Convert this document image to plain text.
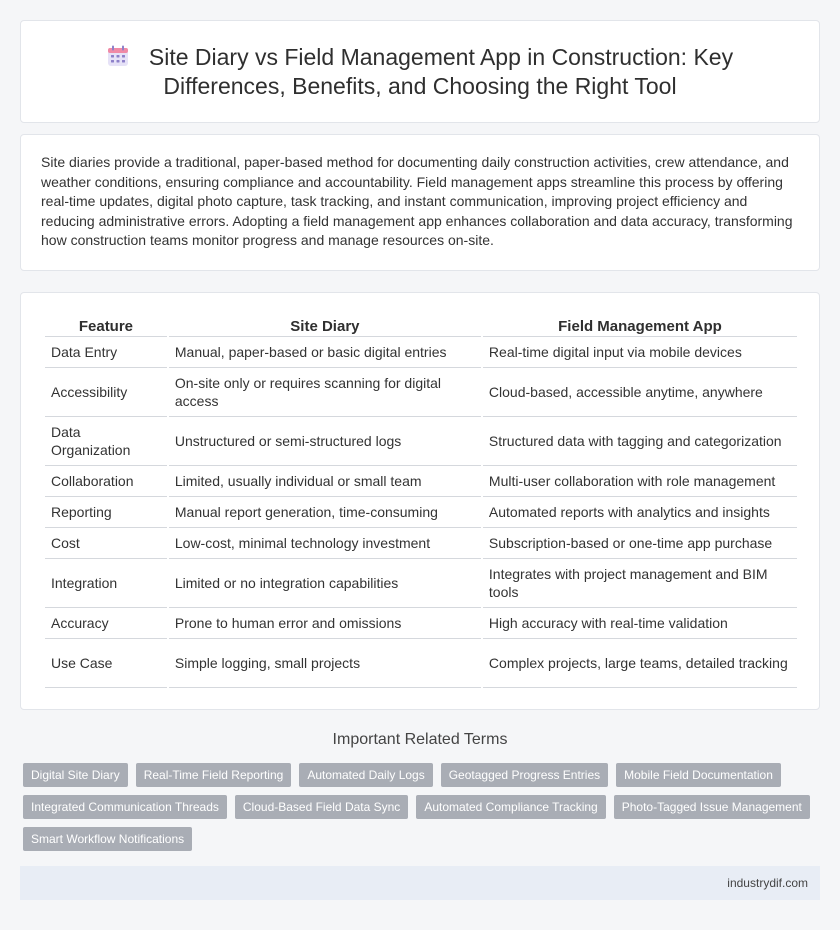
Site Diary vs Field Management App in Construction: Key Differences, Benefits, and Choosing the Right Tool

Site diaries provide a traditional, paper-based method for documenting daily construction activities, crew attendance, and weather conditions, ensuring compliance and accountability. Field management apps streamline this process by offering real-time updates, digital photo capture, task tracking, and instant communication, improving project efficiency and reducing administrative errors. Adopting a field management app enhances collaboration and data accuracy, transforming how construction teams monitor progress and manage resources on-site.

Feature	Site Diary	Field Management App
Data Entry	Manual, paper-based or basic digital entries	Real-time digital input via mobile devices
Accessibility	On-site only or requires scanning for digital access	Cloud-based, accessible anytime, anywhere
Data Organization	Unstructured or semi-structured logs	Structured data with tagging and categorization
Collaboration	Limited, usually individual or small team	Multi-user collaboration with role management
Reporting	Manual report generation, time-consuming	Automated reports with analytics and insights
Cost	Low-cost, minimal technology investment	Subscription-based or one-time app purchase
Integration	Limited or no integration capabilities	Integrates with project management and BIM tools
Accuracy	Prone to human error and omissions	High accuracy with real-time validation
Use Case	Simple logging, small projects	Complex projects, large teams, detailed tracking
Important Related Terms
Digital Site Diary	Real-Time Field Reporting	Automated Daily Logs	Geotagged Progress Entries	Mobile Field Documentation
Integrated Communication Threads	Cloud-Based Field Data Sync	Automated Compliance Tracking	Photo-Tagged Issue Management
Smart Workflow Notifications
industrydif.com
